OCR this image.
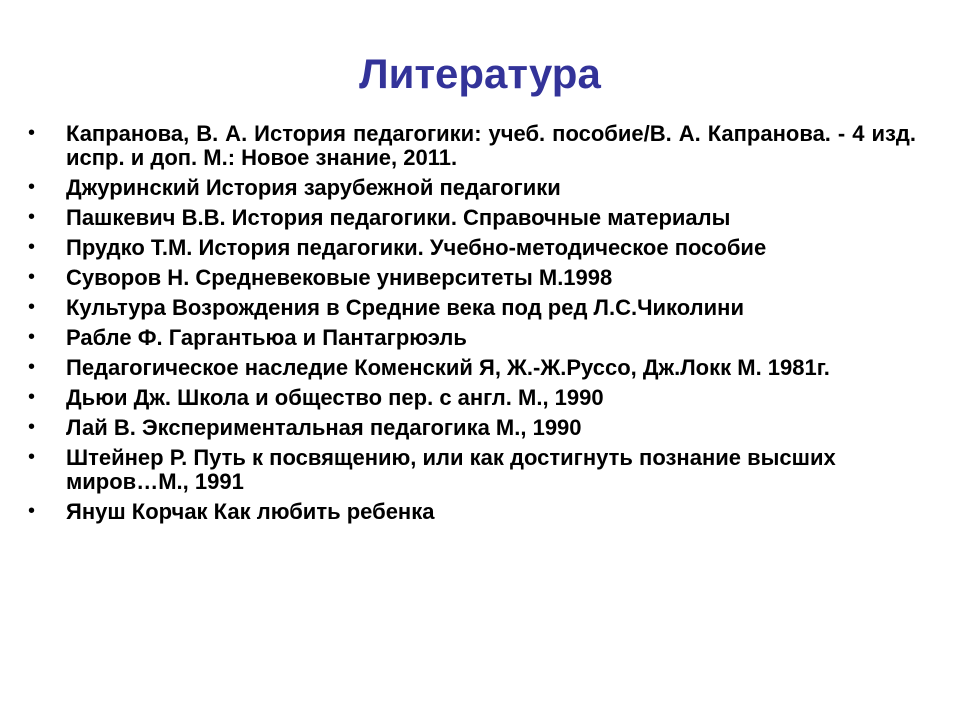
Литература
• Капранова, В. А. История педагогики: учеб. пособие/В. А. Капранова. - 4 изд. испр. и доп. М.: Новое знание, 2011.
• Джуринский История зарубежной педагогики
• Пашкевич В.В. История педагогики. Справочные материалы
• Прудко Т.М. История педагогики. Учебно-методическое пособие
• Суворов Н. Средневековые университеты М.1998
• Культура Возрождения в Средние века под ред Л.С.Чиколини
• Рабле Ф. Гаргантьюа и Пантагрюэль
• Педагогическое наследие Коменский Я, Ж.-Ж.Руссо, Дж.Локк М. 1981г.
• Дьюи Дж. Школа и общество пер. с англ. М., 1990
• Лай В. Экспериментальная педагогика М., 1990
• Штейнер Р. Путь к посвящению, или как достигнуть познание высших миров…М., 1991
• Януш Корчак Как любить ребенка
